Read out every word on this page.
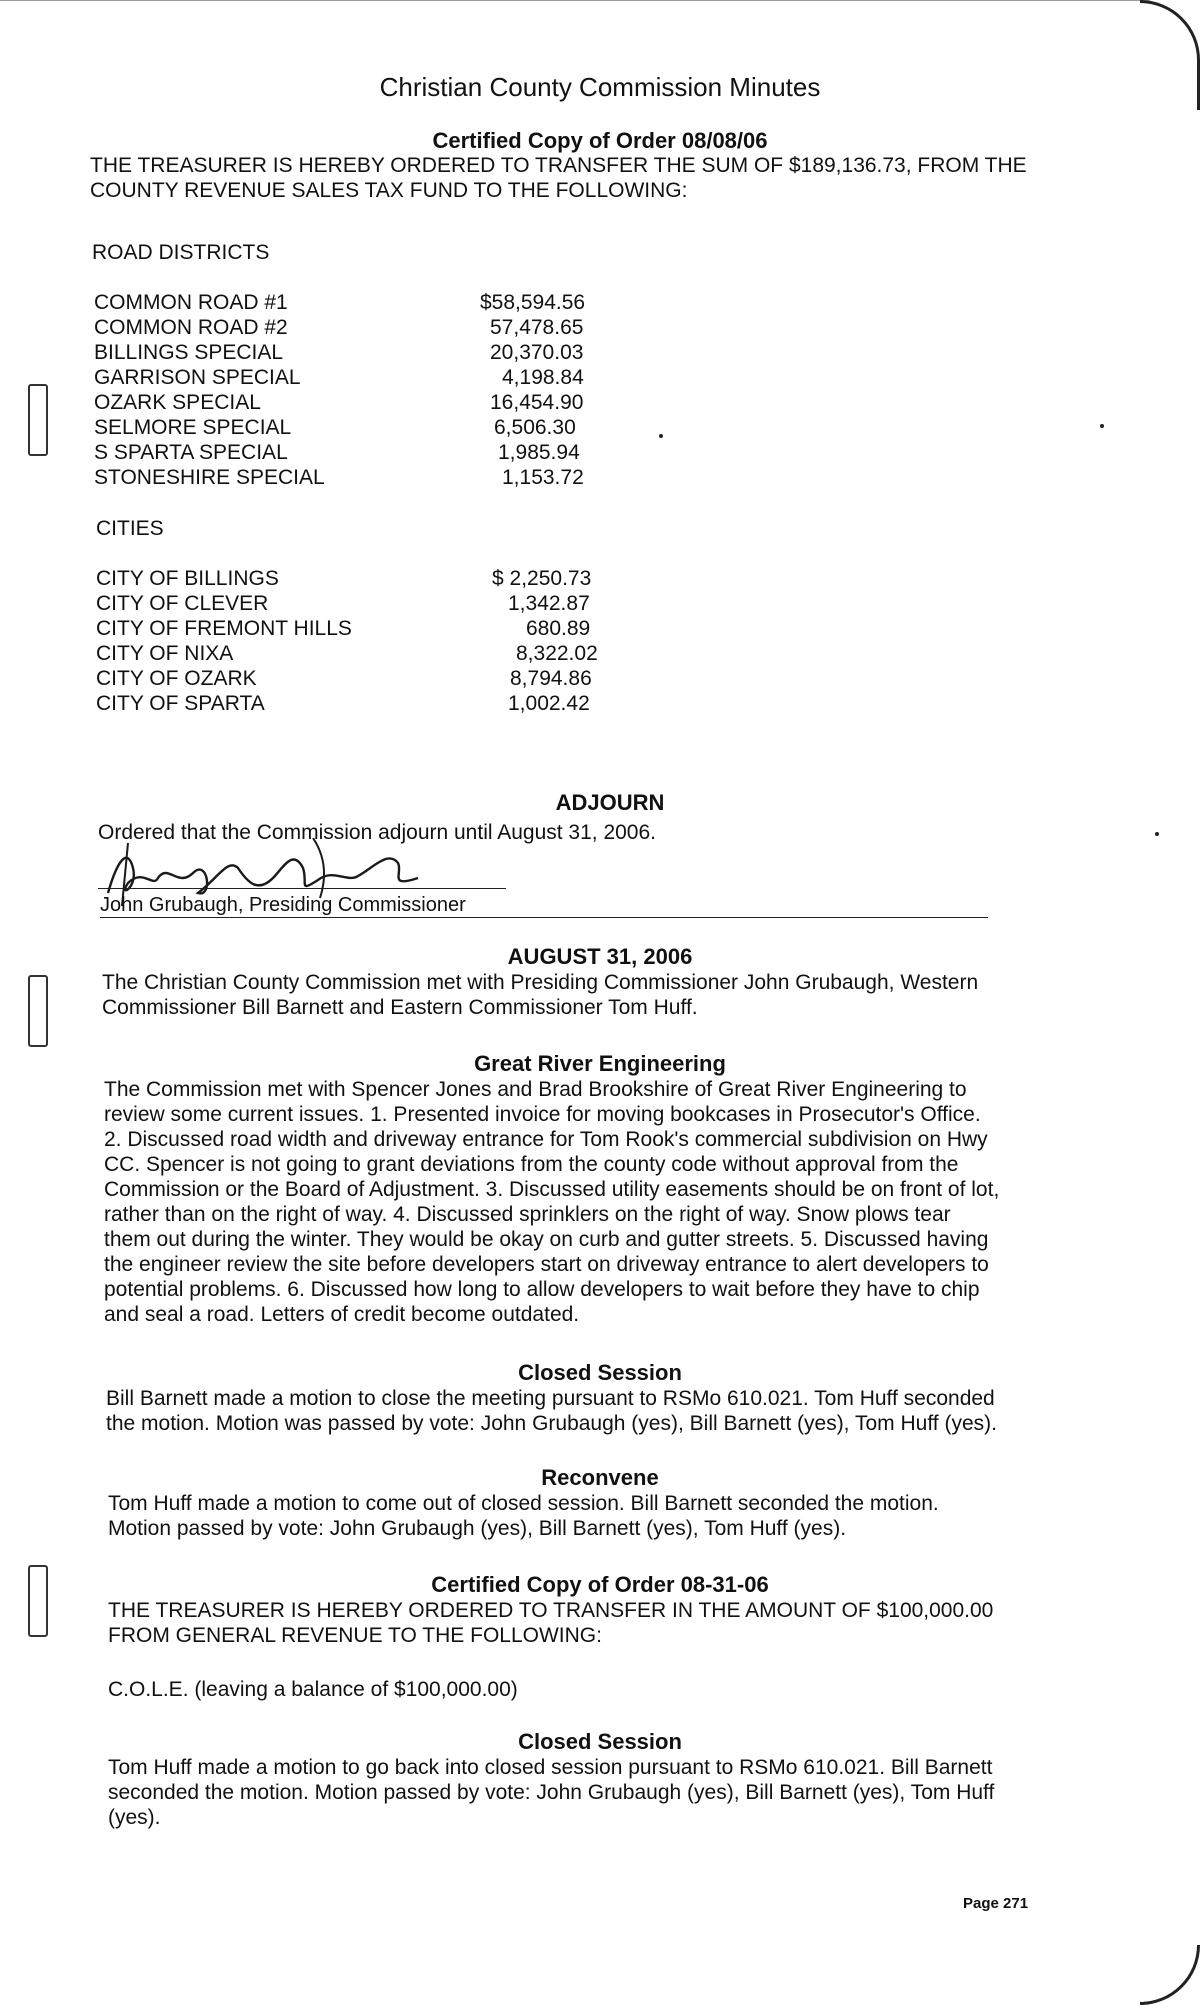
Christian County Commission Minutes
Certified Copy of Order 08/08/06
THE TREASURER IS HEREBY ORDERED TO TRANSFER THE SUM OF $189,136.73, FROM THE COUNTY REVENUE SALES TAX FUND TO THE FOLLOWING:
ROAD DISTRICTS
COMMON ROAD #1	$58,594.56
COMMON ROAD #2	57,478.65
BILLINGS SPECIAL	20,370.03
GARRISON SPECIAL	4,198.84
OZARK SPECIAL	16,454.90
SELMORE SPECIAL	6,506.30
S SPARTA SPECIAL	1,985.94
STONESHIRE SPECIAL	1,153.72
CITIES
CITY OF BILLINGS	$ 2,250.73
CITY OF CLEVER	1,342.87
CITY OF FREMONT HILLS	680.89
CITY OF NIXA	8,322.02
CITY OF OZARK	8,794.86
CITY OF SPARTA	1,002.42
ADJOURN
Ordered that the Commission adjourn until August 31, 2006.
John Grubaugh, Presiding Commissioner
AUGUST 31, 2006
The Christian County Commission met with Presiding Commissioner John Grubaugh, Western Commissioner Bill Barnett and Eastern Commissioner Tom Huff.
Great River Engineering
The Commission met with Spencer Jones and Brad Brookshire of Great River Engineering to
review some current issues. 1. Presented invoice for moving bookcases in Prosecutor's Office.
2. Discussed road width and driveway entrance for Tom Rook's commercial subdivision on Hwy
CC. Spencer is not going to grant deviations from the county code without approval from the
Commission or the Board of Adjustment. 3. Discussed utility easements should be on front of lot,
rather than on the right of way. 4. Discussed sprinklers on the right of way. Snow plows tear
them out during the winter. They would be okay on curb and gutter streets. 5. Discussed having
the engineer review the site before developers start on driveway entrance to alert developers to
potential problems. 6. Discussed how long to allow developers to wait before they have to chip
and seal a road. Letters of credit become outdated.
Closed Session
Bill Barnett made a motion to close the meeting pursuant to RSMo 610.021. Tom Huff seconded
the motion. Motion was passed by vote: John Grubaugh (yes), Bill Barnett (yes), Tom Huff (yes).
Reconvene
Tom Huff made a motion to come out of closed session. Bill Barnett seconded the motion.
Motion passed by vote: John Grubaugh (yes), Bill Barnett (yes), Tom Huff (yes).
Certified Copy of Order 08-31-06
THE TREASURER IS HEREBY ORDERED TO TRANSFER IN THE AMOUNT OF $100,000.00
FROM GENERAL REVENUE TO THE FOLLOWING:
C.O.L.E. (leaving a balance of $100,000.00)
Closed Session
Tom Huff made a motion to go back into closed session pursuant to RSMo 610.021. Bill Barnett
seconded the motion. Motion passed by vote: John Grubaugh (yes), Bill Barnett (yes), Tom Huff
(yes).
Page 271
